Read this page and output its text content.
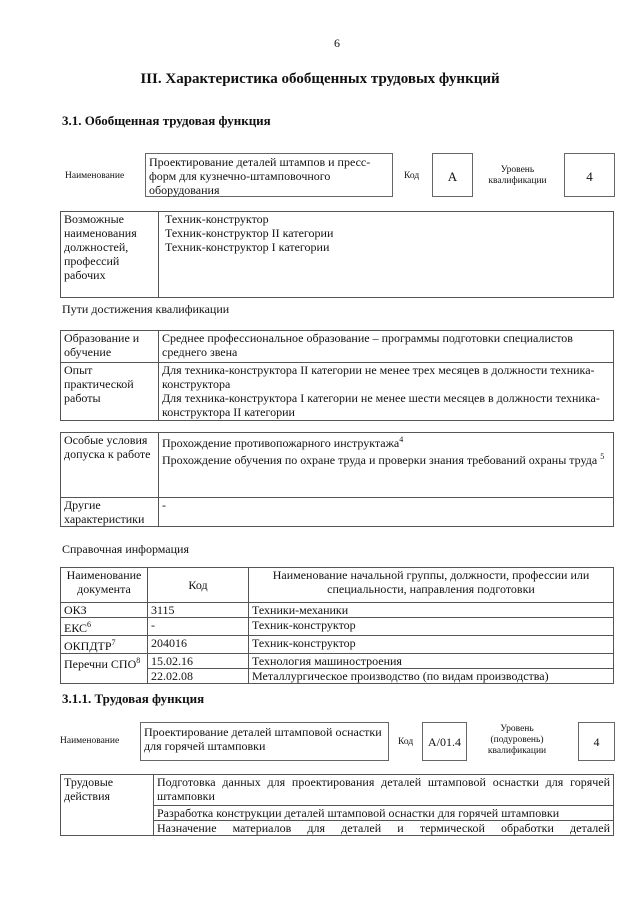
6
III. Характеристика обобщенных трудовых функций
3.1. Обобщенная трудовая функция
Наименование
Проектирование деталей штампов и пресс-форм для кузнечно-штамповочного оборудования
Код	A	Уровень квалификации	4
Возможные наименования должностей, профессий рабочих	
Техник-конструктор
Техник-конструктор II категории
Техник-конструктор I категории
Пути достижения квалификации
Образование и обучение	Среднее профессиональное образование – программы подготовки специалистов среднего звена
Опыт практической работы	Для техника-конструктора II категории не менее трех месяцев в должности техника-конструктора
Для техника-конструктора I категории не менее шести месяцев в должности техника-конструктора II категории
Особые условия допуска к работе	Прохождение противопожарного инструктажа$^4$
Прохождение обучения по охране труда и проверки знания требований охраны труда $^5$

Другие характеристики	-
Справочная информация
Наименование документа	Код	Наименование начальной группы, должности, профессии или специальности, направления подготовки
ОКЗ	3115	Техники-механики
ЕКС$^6$	-	Техник-конструктор
ОКПДТР$^7$	204016	Техник-конструктор
Перечни СПО$^8$	15.02.16	Технология машиностроения
	22.02.08	Металлургическое производство (по видам производства)
3.1.1. Трудовая функция
Наименование
Проектирование деталей штамповой оснастки для горячей штамповки	Код	A/01.4
Уровень (подуровень) квалификации
4
Трудовые действия	Подготовка данных для проектирования деталей штамповой оснастки для горячей штамповки
Разработка конструкции деталей штамповой оснастки для горячей штамповки
Назначение материалов для деталей и термической обработки деталей
